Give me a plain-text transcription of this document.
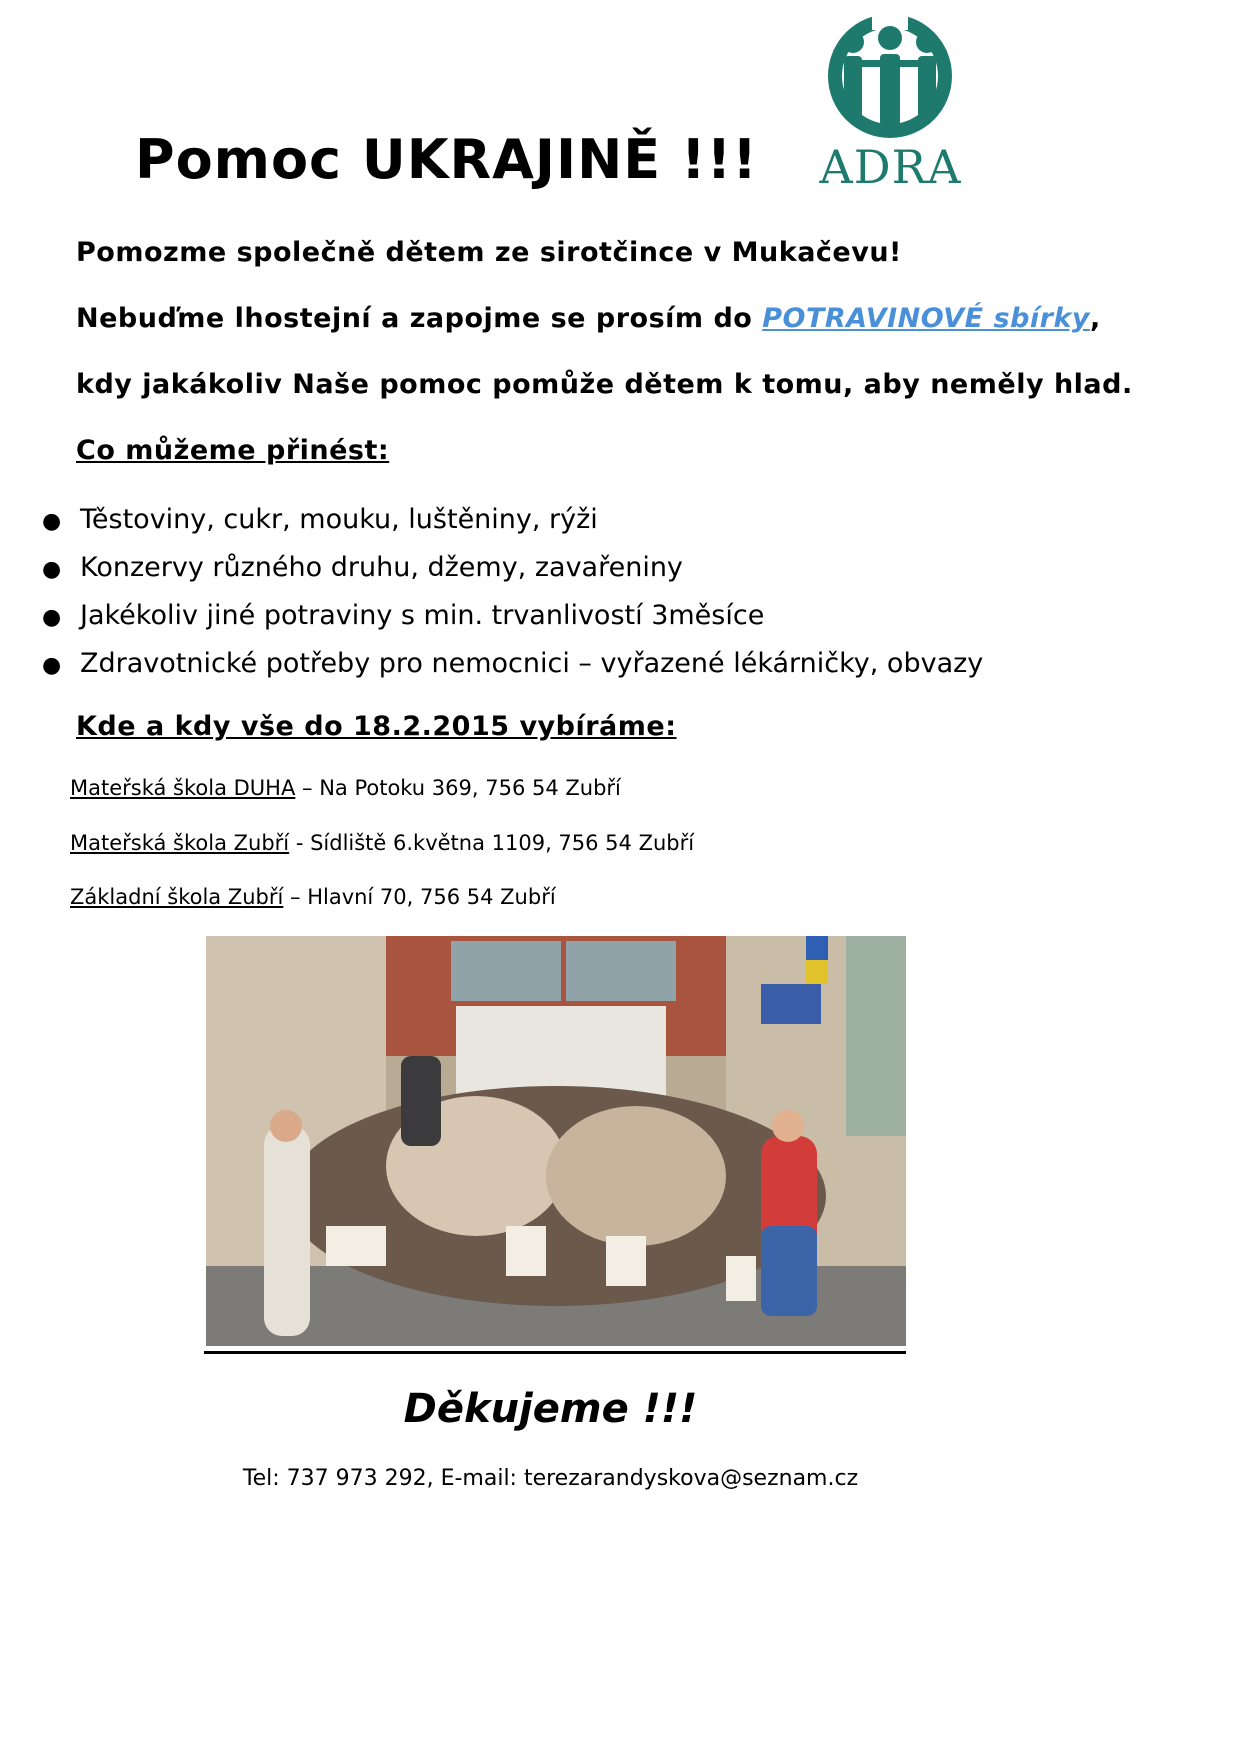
Pomoc UKRAJINĚ !!! ADRA
Pomozme společně dětem ze sirotčince v Mukačevu!
Nebuďme lhostejní a zapojme se prosím do POTRAVINOVÉ sbírky,
kdy jakákoliv Naše pomoc pomůže dětem k tomu, aby neměly hlad.
Co můžeme přinést:
● Těstoviny, cukr, mouku, luštěniny, rýži
● Konzervy různého druhu, džemy, zavařeniny
● Jakékoliv jiné potraviny s min. trvanlivostí 3měsíce
● Zdravotnické potřeby pro nemocnici – vyřazené lékárničky, obvazy
Kde a kdy vše do 18.2.2015 vybíráme:
Mateřská škola DUHA – Na Potoku 369, 756 54 Zubří
Mateřská škola Zubří - Sídliště 6.května 1109, 756 54 Zubří
Základní škola Zubří – Hlavní 70, 756 54 Zubří
Děkujeme !!!
Tel: 737 973 292, E-mail: terezarandyskova@seznam.cz
